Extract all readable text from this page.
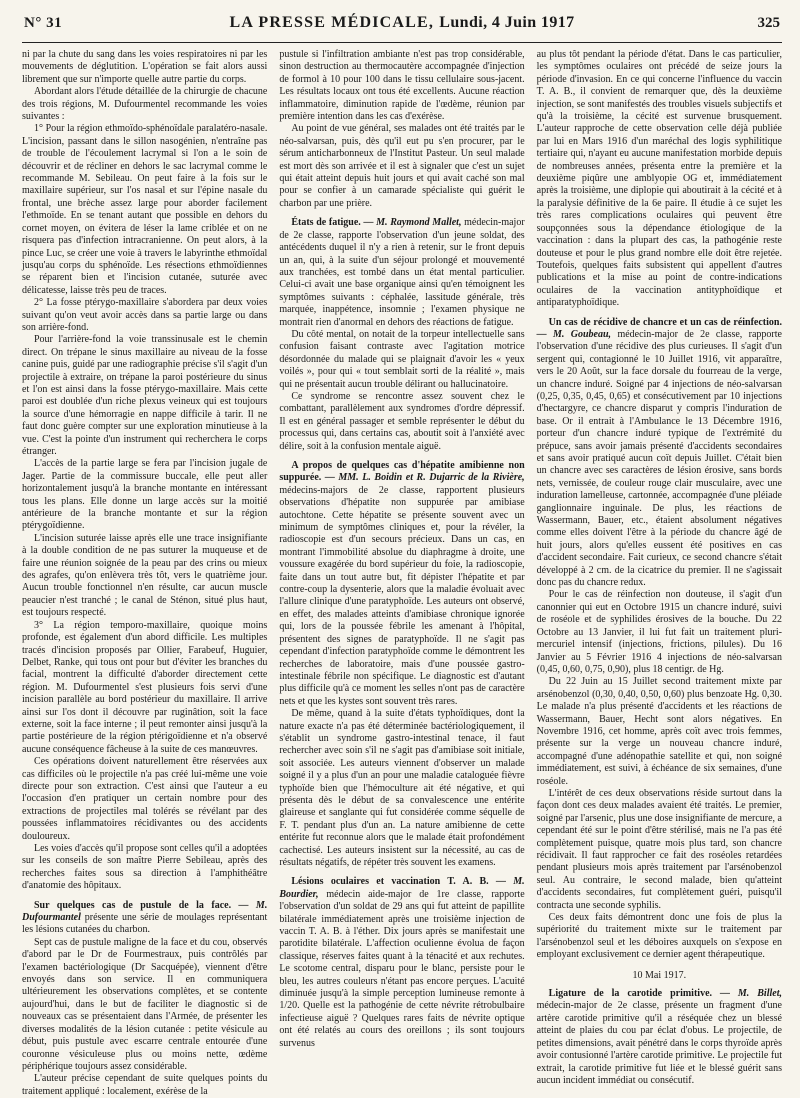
N° 31	LA PRESSE MÉDICALE, Lundi, 4 Juin 1917	325

ni par la chute du sang dans les voies respiratoires ni par les mouvements de déglutition. L'opération se fait alors aussi librement que sur n'importe quelle autre partie du corps.

Abordant alors l'étude détaillée de la chirurgie de chacune des trois régions, M. Dufourmentel recommande les voies suivantes :

1° Pour la région ethmoïdo-sphénoïdale paralatéro-nasale. L'incision, passant dans le sillon nasogénien, n'entraîne pas de trouble de l'écoulement lacrymal si l'on a le soin de découvrir et de récliner en dehors le sac lacrymal comme le recommande M. Sebileau. On peut faire à la fois sur le maxillaire supérieur, sur l'os nasal et sur l'épine nasale du frontal, une brèche assez large pour aborder facilement l'ethmoïde. En se tenant autant que possible en dehors du cornet moyen, on évitera de léser la lame criblée et on ne risquera pas d'infection intracranienne. On peut alors, à la pince Luc, se créer une voie à travers le labyrinthe ethmoïdal jusqu'au corps du sphénoïde. Les résections ethmoïdiennes se réparent bien et l'incision cutanée, suturée avec délicatesse, laisse très peu de traces.

2° La fosse ptérygo-maxillaire s'abordera par deux voies suivant qu'on veut avoir accès dans sa partie large ou dans son arrière-fond.

Pour l'arrière-fond la voie transsinusale est le chemin direct. On trépane le sinus maxillaire au niveau de la fosse canine puis, guidé par une radiographie précise s'il s'agit d'un projectile à extraire, on trépane la paroi postérieure du sinus et l'on est ainsi dans la fosse ptérygo-maxillaire. Mais cette paroi est doublée d'un riche plexus veineux qui est toujours la source d'une hémorragie en nappe difficile à tarir. Il ne faut donc guère compter sur une exploration minutieuse à la vue. C'est la pointe d'un instrument qui recherchera le corps étranger.

L'accès de la partie large se fera par l'incision jugale de Jager. Partie de la commissure buccale, elle peut aller horizontalement jusqu'à la branche montante en intéressant tous les plans. Elle donne un large accès sur la moitié antérieure de la branche montante et sur la région ptérygoïdienne.

L'incision suturée laisse après elle une trace insignifiante à la double condition de ne pas suturer la muqueuse et de faire une réunion soignée de la peau par des crins ou mieux des agrafes, qu'on enlèvera très tôt, vers le quatrième jour. Aucun trouble fonctionnel n'en résulte, car aucun muscle peaucier n'est tranché ; le canal de Sténon, situé plus haut, est toujours respecté.

3° La région temporo-maxillaire, quoique moins profonde, est également d'un abord difficile. Les multiples tracés d'incision proposés par Ollier, Farabeuf, Huguier, Delbet, Ranke, qui tous ont pour but d'éviter les branches du facial, montrent la difficulté d'aborder directement cette région. M. Dufourmentel s'est plusieurs fois servi d'une incision parallèle au bord postérieur du maxillaire. Il arrive ainsi sur l'os dont il découvre par ruginâtion, soit la face externe, soit la face interne ; il peut remonter ainsi jusqu'à la partie postérieure de la région ptérigoïdienne et n'a observé aucune conséquence fâcheuse à la suite de ces manœuvres.

Ces opérations doivent naturellement être réservées aux cas difficiles où le projectile n'a pas créé lui-même une voie directe pour son extraction. C'est ainsi que l'auteur a eu l'occasion d'en pratiquer un certain nombre pour des extractions de projectiles mal tolérés se révélant par des poussées inflammatoires récidivantes ou des accidents douloureux.

Les voies d'accès qu'il propose sont celles qu'il a adoptées sur les conseils de son maître Pierre Sebileau, après des recherches faites sous sa direction à l'amphithéâtre d'anatomie des hôpitaux.

Sur quelques cas de pustule de la face. — M. Dufourmantel présente une série de moulages représentant les lésions cutanées du charbon.

Sept cas de pustule maligne de la face et du cou, observés d'abord par le Dr de Fourmestraux, puis contrôlés par l'examen bactériologique (Dr Sacquépée), viennent d'être envoyés dans son service. Il en communiquera ultérieurement les observations complètes, et se contente aujourd'hui, dans le but de faciliter le diagnostic si de nouveaux cas se présentaient dans l'Armée, de présenter les diverses modalités de la lésion cutanée : petite vésicule au début, puis pustule avec escarre centrale entourée d'une couronne vésiculeuse plus ou moins nette, œdème périphérique toujours assez considérable.

L'auteur précise cependant de suite quelques points du traitement appliqué : localement, exérèse de la

pustule si l'infiltration ambiante n'est pas trop considérable, sinon destruction au thermocautère accompagnée d'injection de formol à 10 pour 100 dans le tissu cellulaire sous-jacent. Les résultats locaux ont tous été excellents. Aucune réaction inflammatoire, diminution rapide de l'œdème, réunion par première intention dans les cas d'exérèse.

Au point de vue général, ses malades ont été traités par le néo-salvarsan, puis, dès qu'il eut pu s'en procurer, par le sérum anticharbonneux de l'Institut Pasteur. Un seul malade est mort dès son arrivée et il est à signaler que c'est un sujet qui était atteint depuis huit jours et qui avait caché son mal pour se confier à un camarade spécialiste qui guérit le charbon par une prière.

États de fatigue. — M. Raymond Mallet, médecin-major de 2e classe, rapporte l'observation d'un jeune soldat, des antécédents duquel il n'y a rien à retenir, sur le front depuis un an, qui, à la suite d'un séjour prolongé et mouvementé aux tranchées, est tombé dans un état mental particulier. Celui-ci avait une base organique ainsi qu'en témoignent les symptômes suivants : céphalée, lassitude générale, très marquée, inappétence, insomnie ; l'examen physique ne montrait rien d'anormal en dehors des réactions de fatigue.

Du côté mental, on notait de la torpeur intellectuelle sans confusion faisant contraste avec l'agitation motrice désordonnée du malade qui se plaignait d'avoir les « yeux voilés », pour qui « tout semblait sorti de la réalité », mais qui ne présentait aucun trouble délirant ou hallucinatoire.

Ce syndrome se rencontre assez souvent chez le combattant, parallèlement aux syndromes d'ordre dépressif. Il est en général passager et semble représenter le début du processus qui, dans certains cas, aboutit soit à l'anxiété avec délire, soit à la confusion mentale aiguë.

A propos de quelques cas d'hépatite amibienne non suppurée. — MM. L. Boidin et R. Dujarric de la Rivière, médecins-majors de 2e classe, rapportent plusieurs observations d'hépatite non suppurée par amibiase autochtone. Cette hépatite se présente souvent avec un minimum de symptômes cliniques et, pour la révéler, la radioscopie est d'un secours précieux. Dans un cas, en montrant l'immobilité absolue du diaphragme à droite, une voussure exagérée du bord supérieur du foie, la radioscopie, faite dans un tout autre but, fit dépister l'hépatite et par contre-coup la dysenterie, alors que la maladie évoluait avec l'allure clinique d'une paratyphoïde. Les auteurs ont observé, en effet, des malades atteints d'amibiase chronique ignorée qui, lors de la poussée fébrile les amenant à l'hôpital, présentent des signes de paratyphoïde. Il ne s'agit pas cependant d'infection paratyphoïde comme le démontrent les recherches de laboratoire, mais d'une poussée gastro-intestinale fébrile non spécifique. Le diagnostic est d'autant plus difficile qu'à ce moment les selles n'ont pas de caractère nets et que les kystes sont souvent très rares.

De même, quand à la suite d'états typhoïdiques, dont la nature exacte n'a pas été déterminée bactériologiquement, il s'établit un syndrome gastro-intestinal tenace, il faut rechercher avec soin s'il ne s'agit pas d'amibiase soit initiale, soit associée. Les auteurs viennent d'observer un malade soigné il y a plus d'un an pour une maladie cataloguée fièvre typhoïde bien que l'hémoculture ait été négative, et qui présenta dès le début de sa convalescence une entérite glaireuse et sanglante qui fut considérée comme séquelle de F. T. pendant plus d'un an. La nature amibienne de cette entérite fut reconnue alors que le malade était profondément cachectisé. Les auteurs insistent sur la nécessité, au cas de résultats négatifs, de répéter très souvent les examens.

Lésions oculaires et vaccination T. A. B. — M. Bourdier, médecin aide-major de 1re classe, rapporte l'observation d'un soldat de 29 ans qui fut atteint de papillite bilatérale immédiatement après une troisième injection de vaccin T. A. B. à l'éther. Dix jours après se manifestait une parotidite bilatérale. L'affection oculienne évolua de façon classique, réserves faites quant à la ténacité et aux rechutes. Le scotome central, disparu pour le blanc, persiste pour le bleu, les autres couleurs n'étant pas encore perçues. L'acuité diminuée jusqu'à la simple perception lumineuse remonte à 1/20. Quelle est la pathogénie de cette névrite rétrobulbaire infectieuse aiguë ? Quelques rares faits de névrite optique ont été relatés au cours des oreillons ; ils sont toujours survenus

au plus tôt pendant la période d'état. Dans le cas particulier, les symptômes oculaires ont précédé de seize jours la période d'invasion. En ce qui concerne l'influence du vaccin T. A. B., il convient de remarquer que, dès la deuxième injection, se sont manifestés des troubles visuels subjectifs et qu'à la troisième, la cécité est survenue brusquement. L'auteur rapproche de cette observation celle déjà publiée par lui en Mars 1916 d'un maréchal des logis syphilitique tertiaire qui, n'ayant eu aucune manifestation morbide depuis de nombreuses années, présenta entre la première et la deuxième piqûre une amblyopie OG et, immédiatement après la troisième, une diplopie qui aboutirait à la cécité et à la paralysie définitive de la 6e paire. Il étudie à ce sujet les très rares complications oculaires qui peuvent être soupçonnées sous la dépendance étiologique de la vaccination : dans la plupart des cas, la pathogénie reste douteuse et pour le plus grand nombre elle doit être rejetée. Toutefois, quelques faits subsistent qui appellent d'autres publications et la mise au point de contre-indications oculaires de la vaccination antityphoïdique et antiparatyphoïdique.

Un cas de récidive de chancre et un cas de réinfection. — M. Goubeau, médecin-major de 2e classe, rapporte l'observation d'une récidive des plus curieuses. Il s'agit d'un sergent qui, contagionné le 10 Juillet 1916, vit apparaître, vers le 20 Août, sur la face dorsale du fourreau de la verge, un chancre induré. Soigné par 4 injections de néo-salvarsan (0,25, 0,35, 0,45, 0,65) et consécutivement par 10 injections d'hectargyre, ce chancre disparut y compris l'induration de base. Or il entrait à l'Ambulance le 13 Décembre 1916, porteur d'un chancre induré typique de l'extrémité du prépuce, sans avoir jamais présenté d'accidents secondaires et sans avoir pratiqué aucun coït depuis Juillet. C'était bien un chancre avec ses caractères de lésion érosive, sans bords nets, vernissée, de couleur rouge clair musculaire, avec une induration lamelleuse, cartonnée, accompagnée d'une pléiade ganglionnaire inguinale. De plus, les réactions de Wassermann, Bauer, etc., étaient absolument négatives comme elles doivent l'être à la période du chancre âgé de huit jours, alors qu'elles eussent été positives en cas d'accident secondaire. Fait curieux, ce second chancre s'était développé à 2 cm. de la cicatrice du premier. Il ne s'agissait donc pas du chancre redux.

Pour le cas de réinfection non douteuse, il s'agit d'un canonnier qui eut en Octobre 1915 un chancre induré, suivi de roséole et de syphilides érosives de la bouche. Du 22 Octobre au 13 Janvier, il lui fut fait un traitement pluri-mercuriel intensif (injections, frictions, pilules). Du 16 Janvier au 5 Février 1916 4 injections de néo-salvarsan (0,45, 0,60, 0,75, 0,90), plus 18 centigr. de Hg.

Du 22 Juin au 15 Juillet second traitement mixte par arsénobenzol (0,30, 0,40, 0,50, 0,60) plus benzoate Hg. 0,30. Le malade n'a plus présenté d'accidents et les réactions de Wassermann, Bauer, Hecht sont alors négatives. En Novembre 1916, cet homme, après coït avec trois femmes, présente sur la verge un nouveau chancre induré, accompagné d'une adénopathie satellite et qui, non soigné immédiatement, est suivi, à échéance de six semaines, d'une roséole.

L'intérêt de ces deux observations réside surtout dans la façon dont ces deux malades avaient été traités. Le premier, soigné par l'arsenic, plus une dose insignifiante de mercure, a cependant été sur le point d'être stérilisé, mais ne l'a pas été complètement puisque, quatre mois plus tard, son chancre récidivait. Il faut rapprocher ce fait des roséoles retardées pendant plusieurs mois après traitement par l'arsénobenzol seul. Au contraire, le second malade, bien qu'atteint d'accidents secondaires, fut complètement guéri, puisqu'il contracta une seconde syphilis.

Ces deux faits démontrent donc une fois de plus la supériorité du traitement mixte sur le traitement par l'arsénobenzol seul et les déboires auxquels on s'expose en employant exclusivement ce dernier agent thérapeutique.

10 Mai 1917.

Ligature de la carotide primitive. — M. Billet, médecin-major de 2e classe, présente un fragment d'une artère carotide primitive qu'il a réséquée chez un blessé atteint de plaies du cou par éclat d'obus. Le projectile, de petites dimensions, avait pénétré dans le corps thyroïde après avoir contusionné l'artère carotide primitive. Le projectile fut extrait, la carotide primitive fut liée et le blessé guérit sans aucun incident immédiat ou consécutif.
